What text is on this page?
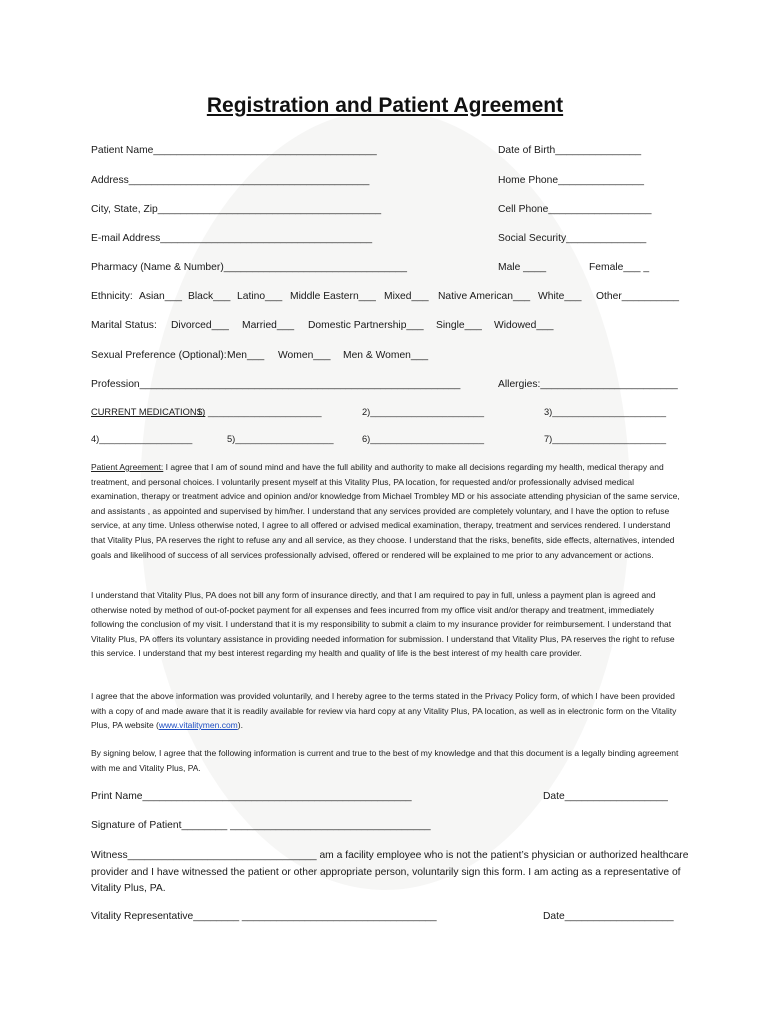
Registration and Patient Agreement
Patient Name_______________________________________	Date of Birth_______________
Address__________________________________________	Home Phone_______________
City, State, Zip_______________________________________	Cell Phone__________________
E-mail Address_____________________________________	Social Security______________
Pharmacy (Name & Number)________________________________	Male ____	Female___ _
Ethnicity: Asian___ Black___ Latino___ Middle Eastern___ Mixed___ Native American___ White___ Other__________
Marital Status: Divorced___ Married___ Domestic Partnership___ Single___ Widowed___
Sexual Preference (Optional): Men___ Women___ Men & Women___
Profession________________________________________________________	Allergies:________________________
CURRENT MEDICATIONS:
1) ______________________	2)______________________	3)______________________
4)__________________	5)___________________	6)______________________	7)______________________
Patient Agreement: I agree that I am of sound mind and have the full ability and authority to make all decisions regarding my health, medical therapy and treatment, and personal choices. I voluntarily present myself at this Vitality Plus, PA location, for requested and/or professionally advised medical examination, therapy or treatment advice and opinion and/or knowledge from Michael Trombley MD or his associate attending physician of the same service, and assistants , as appointed and supervised by him/her. I understand that any services provided are completely voluntary, and I have the option to refuse service, at any time. Unless otherwise noted, I agree to all offered or advised medical examination, therapy, treatment and services rendered. I understand that Vitality Plus, PA reserves the right to refuse any and all service, as they choose. I understand that the risks, benefits, side effects, alternatives, intended goals and likelihood of success of all services professionally advised, offered or rendered will be explained to me prior to any advancement or actions.
I understand that Vitality Plus, PA does not bill any form of insurance directly, and that I am required to pay in full, unless a payment plan is agreed and otherwise noted by method of out-of-pocket payment for all expenses and fees incurred from my office visit and/or therapy and treatment, immediately following the conclusion of my visit. I understand that it is my responsibility to submit a claim to my insurance provider for reimbursement. I understand that Vitality Plus, PA offers its voluntary assistance in providing needed information for submission. I understand that Vitality Plus, PA reserves the right to refuse this service. I understand that my best interest regarding my health and quality of life is the best interest of my health care provider.
I agree that the above information was provided voluntarily, and I hereby agree to the terms stated in the Privacy Policy form, of which I have been provided with a copy of and made aware that it is readily available for review via hard copy at any Vitality Plus, PA location, as well as in electronic form on the Vitality Plus, PA website (www.vitalitymen.com).
By signing below, I agree that the following information is current and true to the best of my knowledge and that this document is a legally binding agreement with me and Vitality Plus, PA.
Print Name_______________________________________________	Date__________________
Signature of Patient________ ___________________________________
Witness_________________________________ am a facility employee who is not the patient’s physician or authorized healthcare provider and I have witnessed the patient or other appropriate person, voluntarily sign this form. I am acting as a representative of Vitality Plus, PA.
Vitality Representative________ __________________________________	Date___________________
